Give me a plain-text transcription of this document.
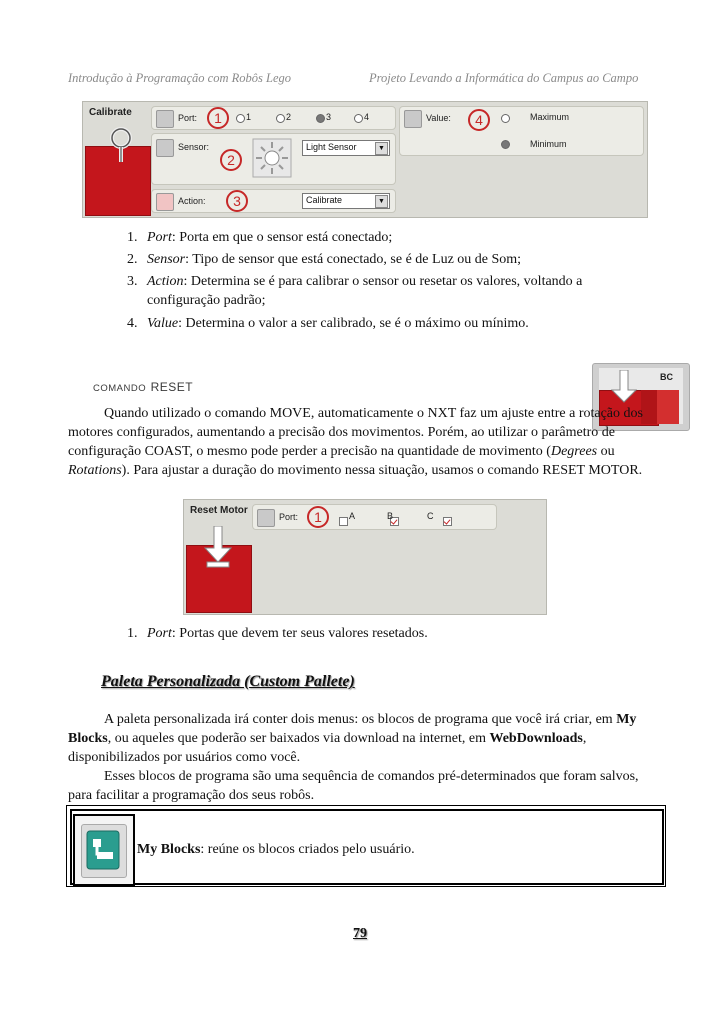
Introdução à Programação com Robôs Lego	Projeto Levando a Informática do Campus ao Campo
Calibrate	Port:	1	1	2	3	4
Sensor:
2
Light Sensor	▼
Action:	3	Calibrate	▼
Value:	4	Maximum
Minimum
1. Port: Porta em que o sensor está conectado;
2. Sensor: Tipo de sensor que está conectado, se é de Luz ou de Som;
3. Action: Determina se é para calibrar o sensor ou resetar os valores, voltando a configuração padrão;
4. Value: Determina o valor a ser calibrado, se é o máximo ou mínimo.
COMANDO RESET
BC
Quando utilizado o comando MOVE, automaticamente o NXT faz um ajuste entre a rotação dos motores configurados, aumentando a precisão dos movimentos. Porém, ao utilizar o parâmetro de configuração COAST, o mesmo pode perder a precisão na quantidade de movimento (Degrees ou Rotations). Para ajustar a duração do movimento nessa situação, usamos o comando RESET MOTOR.
Reset Motor
Port:	1
	A
	B	C
1. Port: Portas que devem ter seus valores resetados.
Paleta Personalizada (Custom Pallete)
A paleta personalizada irá conter dois menus: os blocos de programa que você irá criar, em My Blocks, ou aqueles que poderão ser baixados via download na internet, em WebDownloads, disponibilizados por usuários como você.
Esses blocos de programa são uma sequência de comandos pré-determinados que foram salvos, para facilitar a programação dos seus robôs.
My Blocks: reúne os blocos criados pelo usuário.
79
